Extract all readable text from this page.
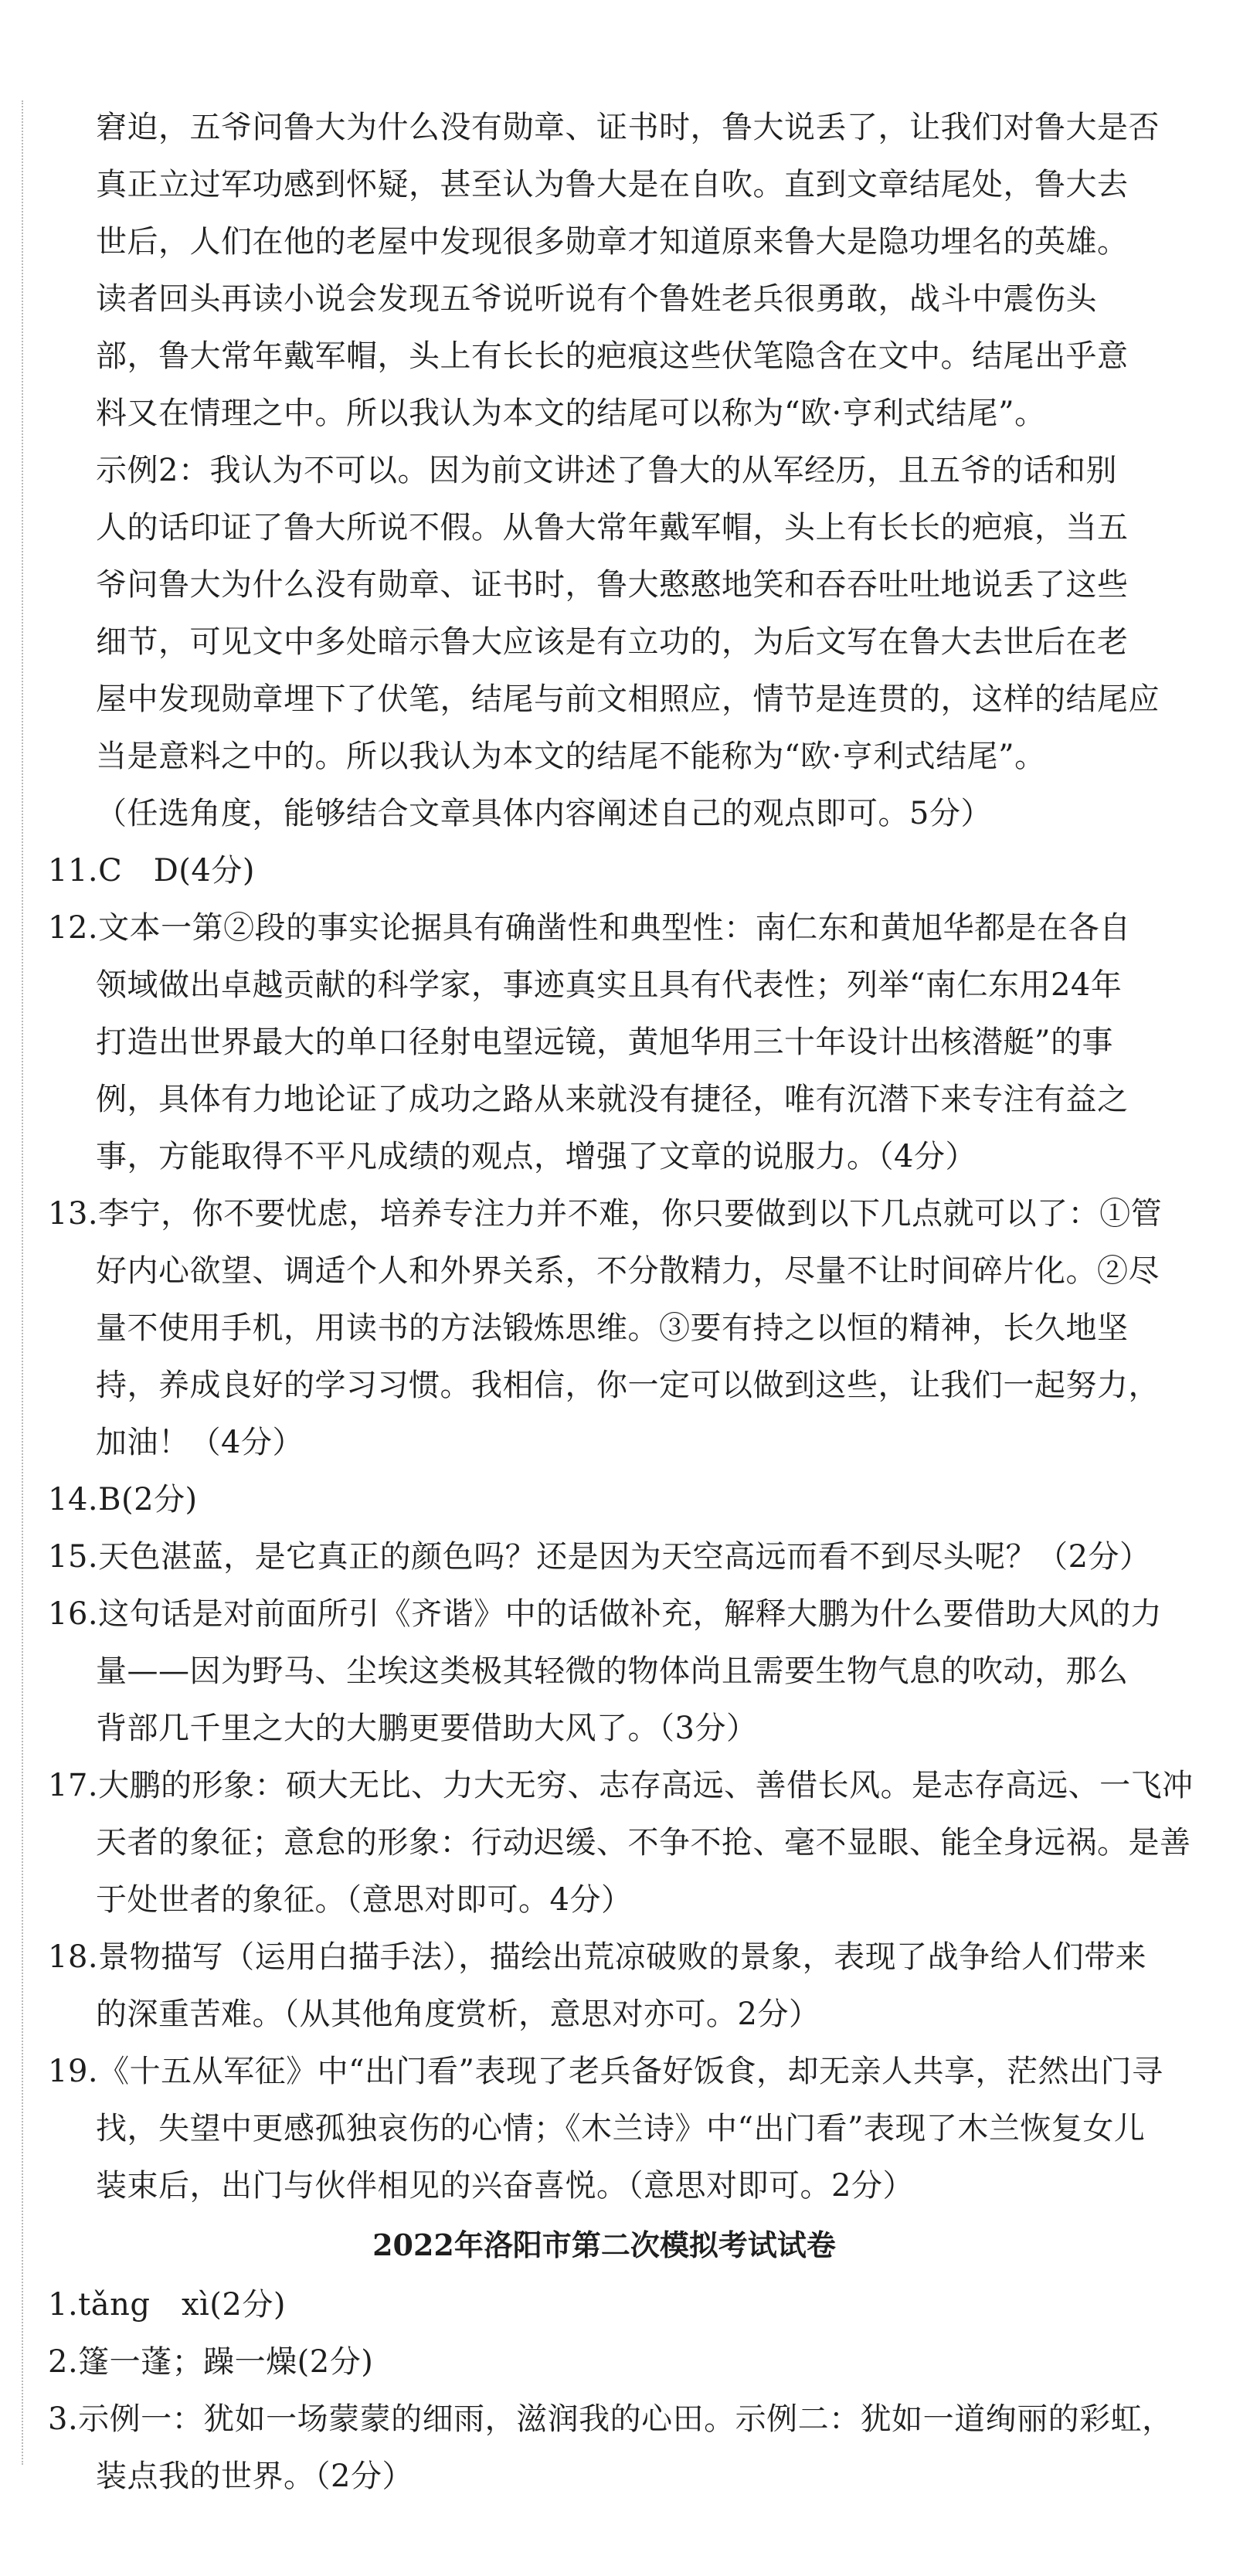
窘迫，五爷问鲁大为什么没有勋章、证书时，鲁大说丢了，让我们对鲁大是否
真正立过军功感到怀疑，甚至认为鲁大是在自吹。直到文章结尾处，鲁大去
世后，人们在他的老屋中发现很多勋章才知道原来鲁大是隐功埋名的英雄。
读者回头再读小说会发现五爷说听说有个鲁姓老兵很勇敢，战斗中震伤头
部，鲁大常年戴军帽，头上有长长的疤痕这些伏笔隐含在文中。结尾出乎意
料又在情理之中。所以我认为本文的结尾可以称为“欧·亨利式结尾”。
示例2：我认为不可以。因为前文讲述了鲁大的从军经历，且五爷的话和别
人的话印证了鲁大所说不假。从鲁大常年戴军帽，头上有长长的疤痕，当五
爷问鲁大为什么没有勋章、证书时，鲁大憨憨地笑和吞吞吐吐地说丢了这些
细节，可见文中多处暗示鲁大应该是有立功的，为后文写在鲁大去世后在老
屋中发现勋章埋下了伏笔，结尾与前文相照应，情节是连贯的，这样的结尾应
当是意料之中的。所以我认为本文的结尾不能称为“欧·亨利式结尾”。
（任选角度，能够结合文章具体内容阐述自己的观点即可。5分）
11.C　D(4分)
12.文本一第②段的事实论据具有确凿性和典型性：南仁东和黄旭华都是在各自
领域做出卓越贡献的科学家，事迹真实且具有代表性；列举“南仁东用24年
打造出世界最大的单口径射电望远镜，黄旭华用三十年设计出核潜艇”的事
例，具体有力地论证了成功之路从来就没有捷径，唯有沉潜下来专注有益之
事，方能取得不平凡成绩的观点，增强了文章的说服力。（4分）
13.李宁，你不要忧虑，培养专注力并不难，你只要做到以下几点就可以了：①管
好内心欲望、调适个人和外界关系，不分散精力，尽量不让时间碎片化。②尽
量不使用手机，用读书的方法锻炼思维。③要有持之以恒的精神，长久地坚
持，养成良好的学习习惯。我相信，你一定可以做到这些，让我们一起努力，
加油！（4分）
14.B(2分)
15.天色湛蓝，是它真正的颜色吗？还是因为天空高远而看不到尽头呢？（2分）
16.这句话是对前面所引《齐谐》中的话做补充，解释大鹏为什么要借助大风的力
量——因为野马、尘埃这类极其轻微的物体尚且需要生物气息的吹动，那么
背部几千里之大的大鹏更要借助大风了。（3分）
17.大鹏的形象：硕大无比、力大无穷、志存高远、善借长风。是志存高远、一飞冲
天者的象征；意怠的形象：行动迟缓、不争不抢、毫不显眼、能全身远祸。是善
于处世者的象征。（意思对即可。4分）
18.景物描写（运用白描手法），描绘出荒凉破败的景象，表现了战争给人们带来
的深重苦难。（从其他角度赏析，意思对亦可。2分）
19.《十五从军征》中“出门看”表现了老兵备好饭食，却无亲人共享，茫然出门寻
找，失望中更感孤独哀伤的心情；《木兰诗》中“出门看”表现了木兰恢复女儿
装束后，出门与伙伴相见的兴奋喜悦。（意思对即可。2分）
2022年洛阳市第二次模拟考试试卷
1.tǎng　xì(2分)
2.篷一蓬；躁一燥(2分)
3.示例一：犹如一场蒙蒙的细雨，滋润我的心田。示例二：犹如一道绚丽的彩虹，
装点我的世界。（2分）
